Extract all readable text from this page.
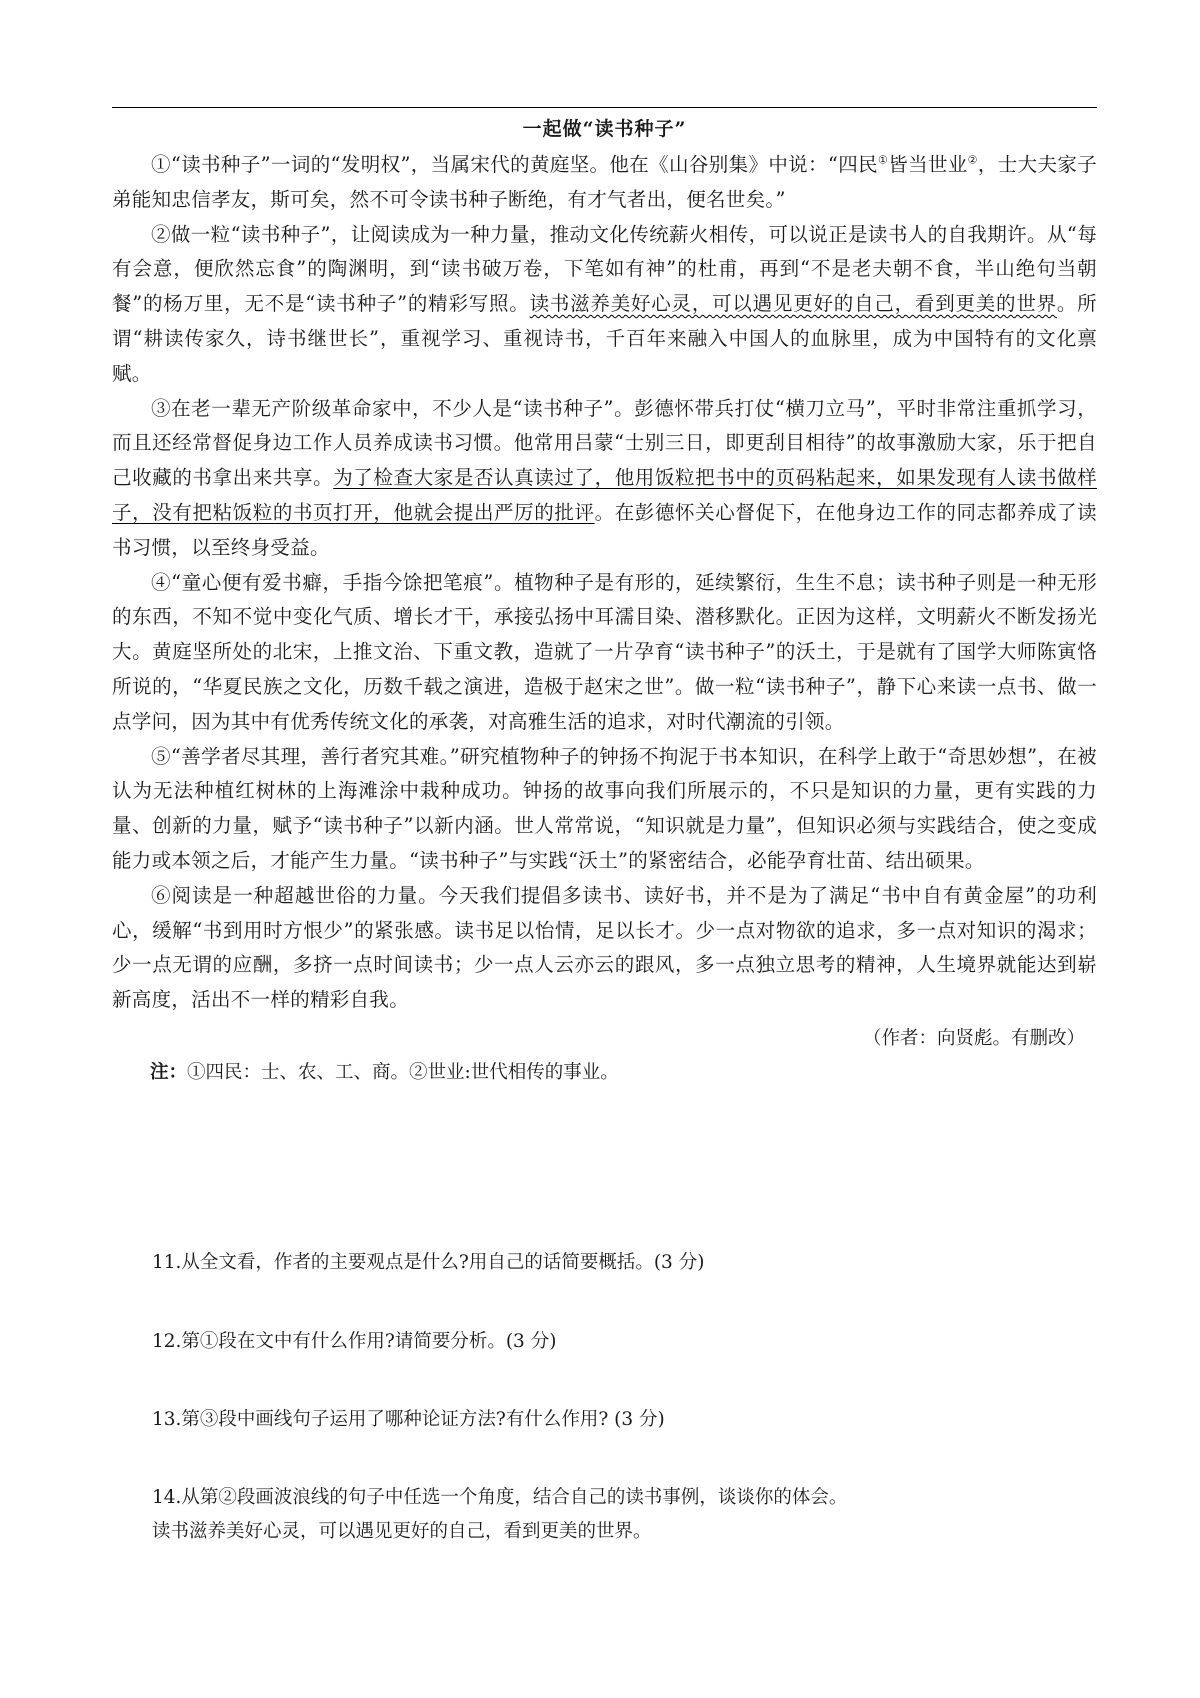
一起做“读书种子”

①“读书种子”一词的“发明权”，当属宋代的黄庭坚。他在《山谷别集》中说：“四民①皆当世业②，士大夫家子弟能知忠信孝友，斯可矣，然不可令读书种子断绝，有才气者出，便名世矣。”

②做一粒“读书种子”，让阅读成为一种力量，推动文化传统薪火相传，可以说正是读书人的自我期许。从“每有会意，便欣然忘食”的陶渊明，到“读书破万卷，下笔如有神”的杜甫，再到“不是老夫朝不食，半山绝句当朝餐”的杨万里，无不是“读书种子”的精彩写照。读书滋养美好心灵，可以遇见更好的自己，看到更美的世界。所谓“耕读传家久，诗书继世长”，重视学习、重视诗书，千百年来融入中国人的血脉里，成为中国特有的文化禀赋。

③在老一辈无产阶级革命家中，不少人是“读书种子”。彭德怀带兵打仗“横刀立马”，平时非常注重抓学习，而且还经常督促身边工作人员养成读书习惯。他常用吕蒙“士别三日，即更刮目相待”的故事激励大家，乐于把自己收藏的书拿出来共享。为了检查大家是否认真读过了，他用饭粒把书中的页码粘起来，如果发现有人读书做样子，没有把粘饭粒的书页打开，他就会提出严厉的批评。在彭德怀关心督促下，在他身边工作的同志都养成了读书习惯，以至终身受益。

④“童心便有爱书癖，手指今馀把笔痕”。植物种子是有形的，延续繁衍，生生不息；读书种子则是一种无形的东西，不知不觉中变化气质、增长才干，承接弘扬中耳濡目染、潜移默化。正因为这样，文明薪火不断发扬光大。黄庭坚所处的北宋，上推文治、下重文教，造就了一片孕育“读书种子”的沃土，于是就有了国学大师陈寅恪所说的，“华夏民族之文化，历数千载之演进，造极于赵宋之世”。做一粒“读书种子”，静下心来读一点书、做一点学问，因为其中有优秀传统文化的承袭，对高雅生活的追求，对时代潮流的引领。

⑤“善学者尽其理，善行者究其难。”研究植物种子的钟扬不拘泥于书本知识，在科学上敢于“奇思妙想”，在被认为无法种植红树林的上海滩涂中栽种成功。钟扬的故事向我们所展示的，不只是知识的力量，更有实践的力量、创新的力量，赋予“读书种子”以新内涵。世人常常说，“知识就是力量”，但知识必须与实践结合，使之变成能力或本领之后，才能产生力量。“读书种子”与实践“沃土”的紧密结合，必能孕育壮苗、结出硕果。

⑥阅读是一种超越世俗的力量。今天我们提倡多读书、读好书，并不是为了满足“书中自有黄金屋”的功利心，缓解“书到用时方恨少”的紧张感。读书足以怡情，足以长才。少一点对物欲的追求，多一点对知识的渴求；少一点无谓的应酬，多挤一点时间读书；少一点人云亦云的跟风，多一点独立思考的精神，人生境界就能达到崭新高度，活出不一样的精彩自我。

（作者：向贤彪。有删改）

注：①四民：士、农、工、商。②世业:世代相传的事业。

11.从全文看，作者的主要观点是什么?用自己的话简要概括。(3 分)

12.第①段在文中有什么作用?请简要分析。(3 分)

13.第③段中画线句子运用了哪种论证方法?有什么作用? (3 分)

14.从第②段画波浪线的句子中任选一个角度，结合自己的读书事例，谈谈你的体会。

读书滋养美好心灵，可以遇见更好的自己，看到更美的世界。
